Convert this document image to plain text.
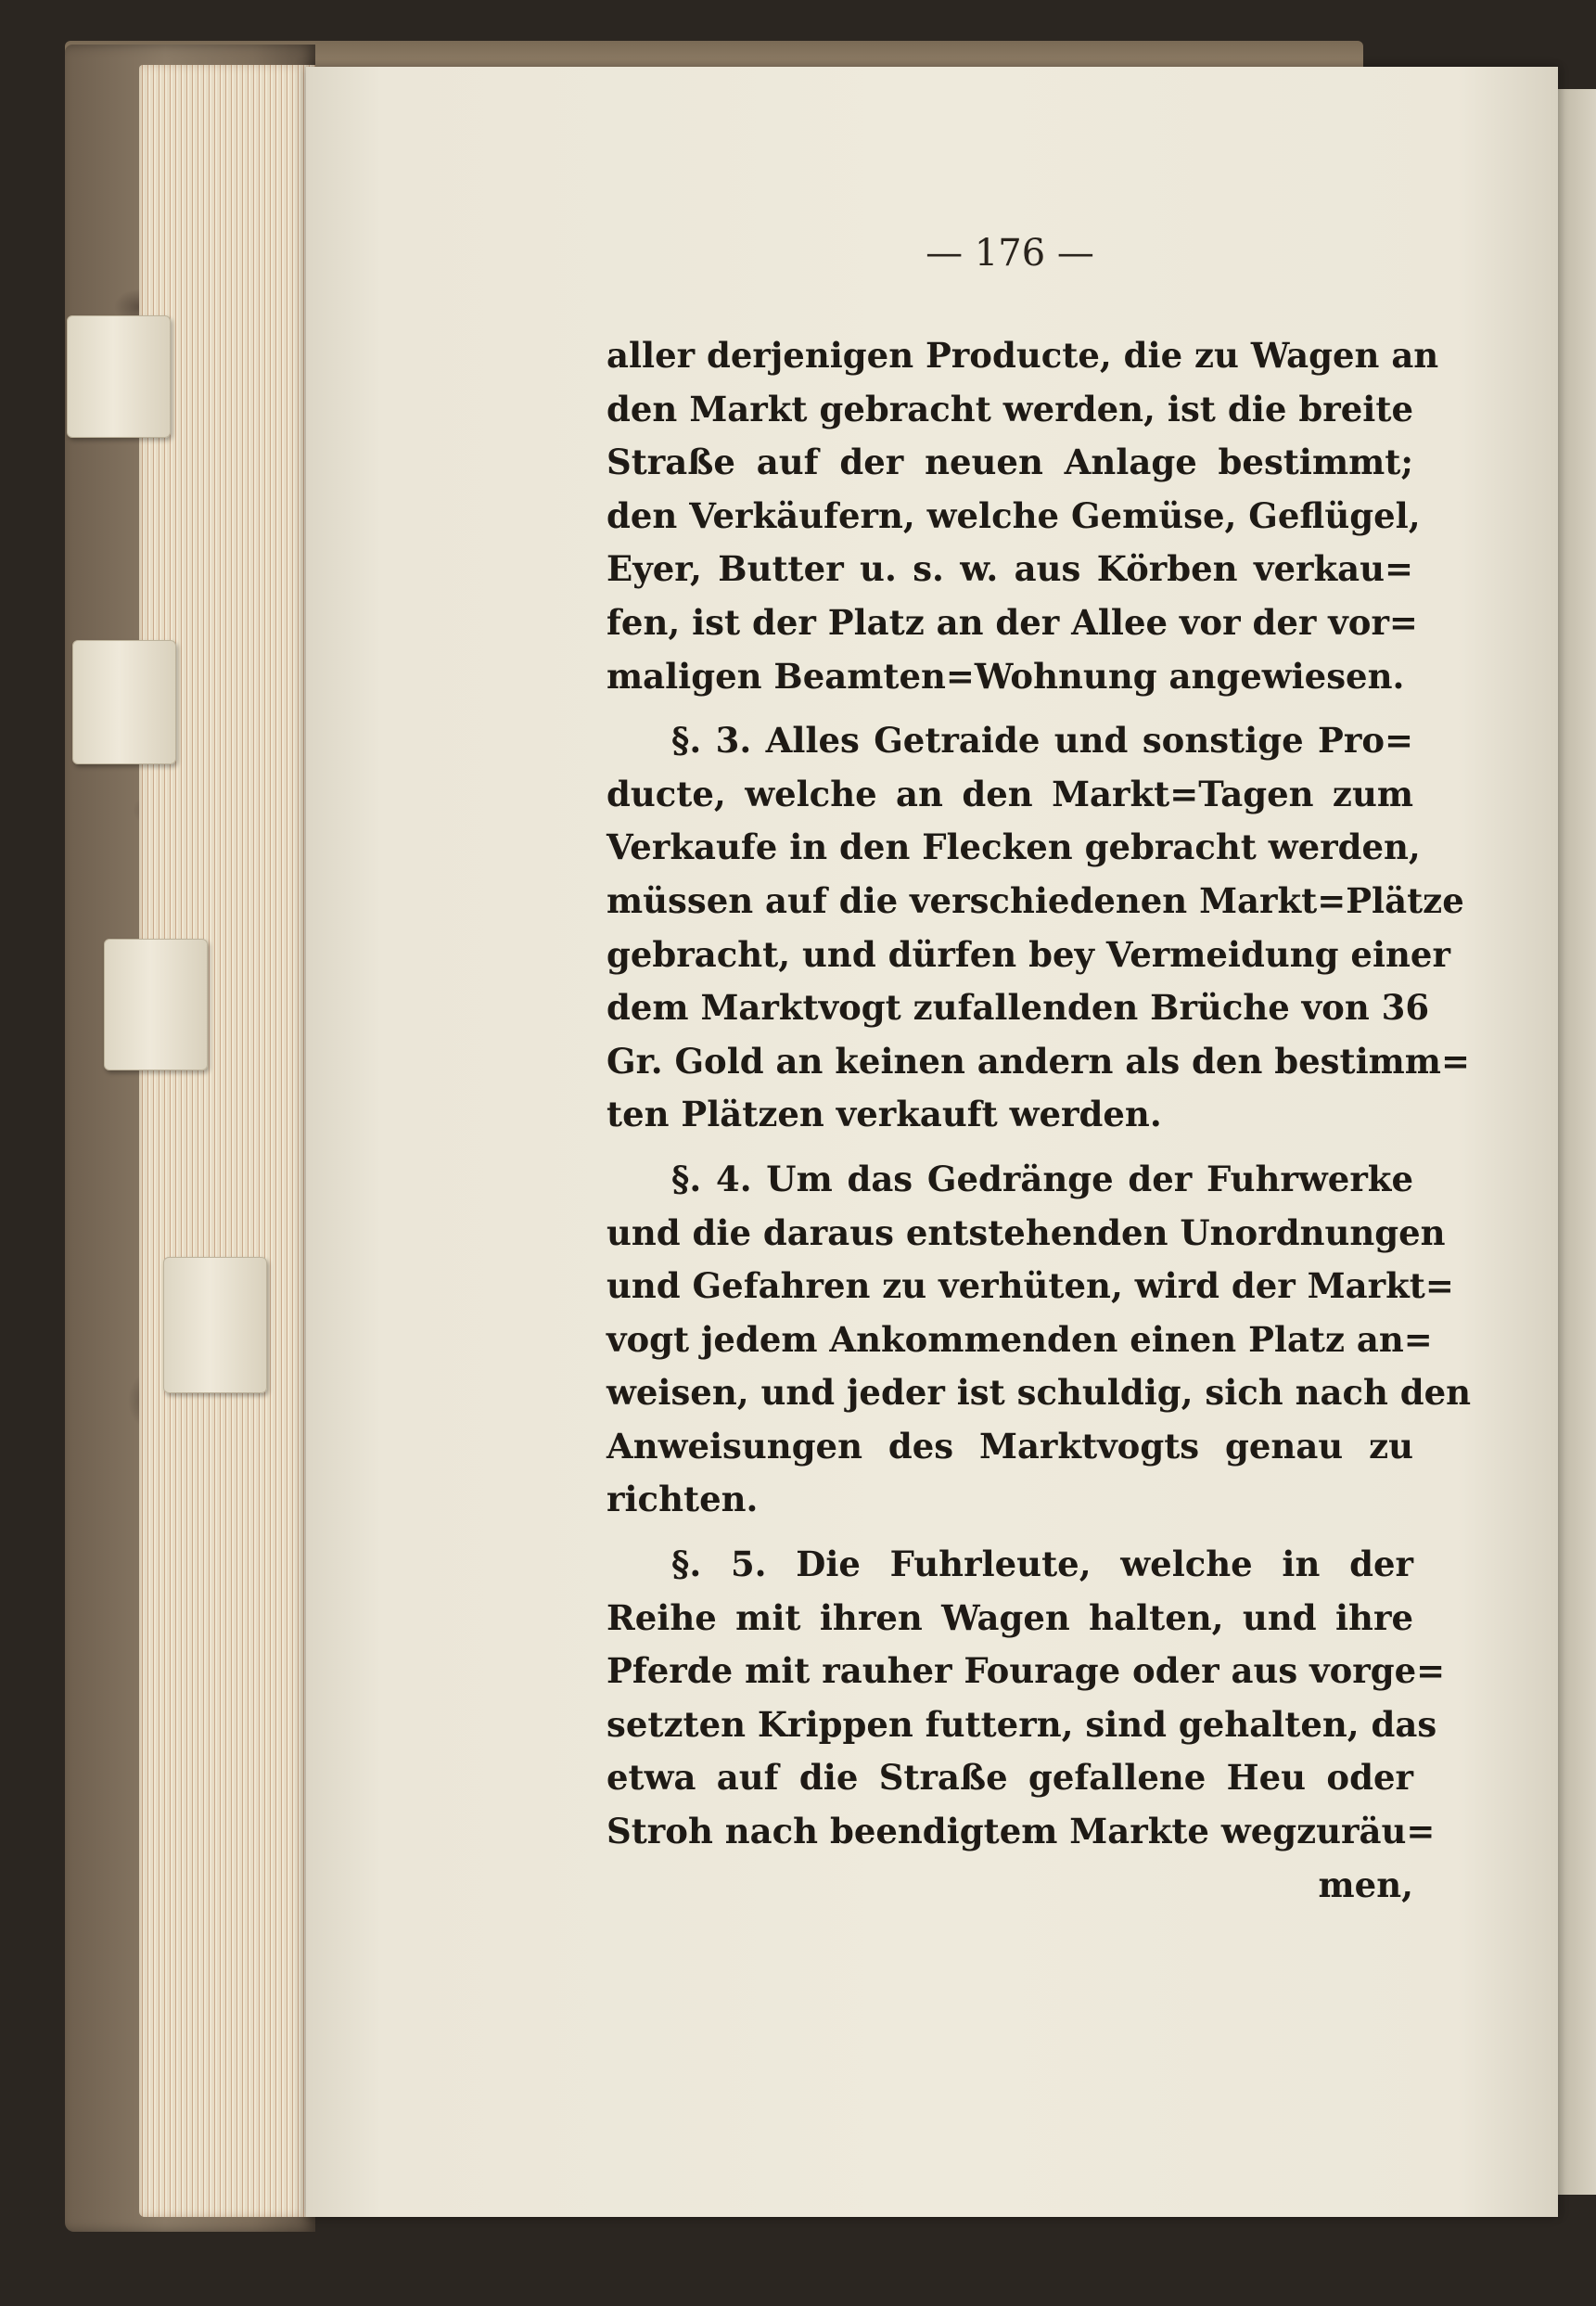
— 176 —
aller derjenigen Producte, die zu Wagen an
den Markt gebracht werden, ist die breite
Straße auf der neuen Anlage bestimmt;
den Verkäufern, welche Gemüse, Geflügel,
Eyer, Butter u. s. w. aus Körben verkau=
fen, ist der Platz an der Allee vor der vor=
maligen Beamten=Wohnung angewiesen.
§. 3. Alles Getraide und sonstige Pro=
ducte, welche an den Markt=Tagen zum
Verkaufe in den Flecken gebracht werden,
müssen auf die verschiedenen Markt=Plätze
gebracht, und dürfen bey Vermeidung einer
dem Marktvogt zufallenden Brüche von 36
Gr. Gold an keinen andern als den bestimm=
ten Plätzen verkauft werden.
§. 4. Um das Gedränge der Fuhrwerke
und die daraus entstehenden Unordnungen
und Gefahren zu verhüten, wird der Markt=
vogt jedem Ankommenden einen Platz an=
weisen, und jeder ist schuldig, sich nach den
Anweisungen des Marktvogts genau zu
richten.
§. 5. Die Fuhrleute, welche in der
Reihe mit ihren Wagen halten, und ihre
Pferde mit rauher Fourage oder aus vorge=
setzten Krippen futtern, sind gehalten, das
etwa auf die Straße gefallene Heu oder
Stroh nach beendigtem Markte wegzuräu=
men,
